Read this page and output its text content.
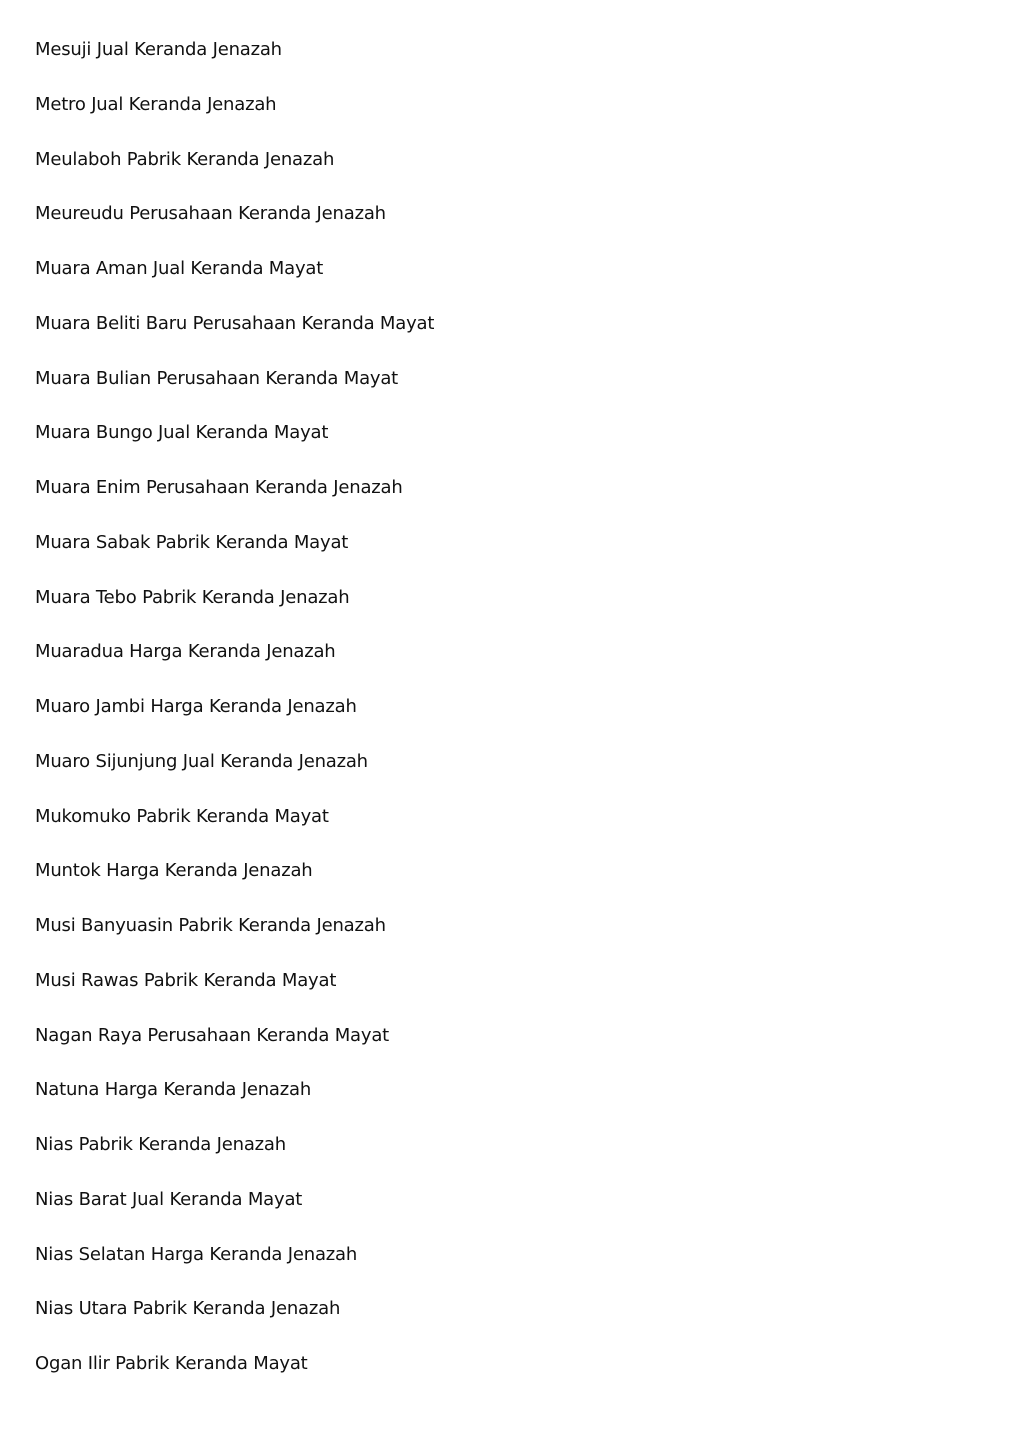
Mesuji Jual Keranda Jenazah
Metro Jual Keranda Jenazah
Meulaboh Pabrik Keranda Jenazah
Meureudu Perusahaan Keranda Jenazah
Muara Aman Jual Keranda Mayat
Muara Beliti Baru Perusahaan Keranda Mayat
Muara Bulian Perusahaan Keranda Mayat
Muara Bungo Jual Keranda Mayat
Muara Enim Perusahaan Keranda Jenazah
Muara Sabak Pabrik Keranda Mayat
Muara Tebo Pabrik Keranda Jenazah
Muaradua Harga Keranda Jenazah
Muaro Jambi Harga Keranda Jenazah
Muaro Sijunjung Jual Keranda Jenazah
Mukomuko Pabrik Keranda Mayat
Muntok Harga Keranda Jenazah
Musi Banyuasin Pabrik Keranda Jenazah
Musi Rawas Pabrik Keranda Mayat
Nagan Raya Perusahaan Keranda Mayat
Natuna Harga Keranda Jenazah
Nias Pabrik Keranda Jenazah
Nias Barat Jual Keranda Mayat
Nias Selatan Harga Keranda Jenazah
Nias Utara Pabrik Keranda Jenazah
Ogan Ilir Pabrik Keranda Mayat
